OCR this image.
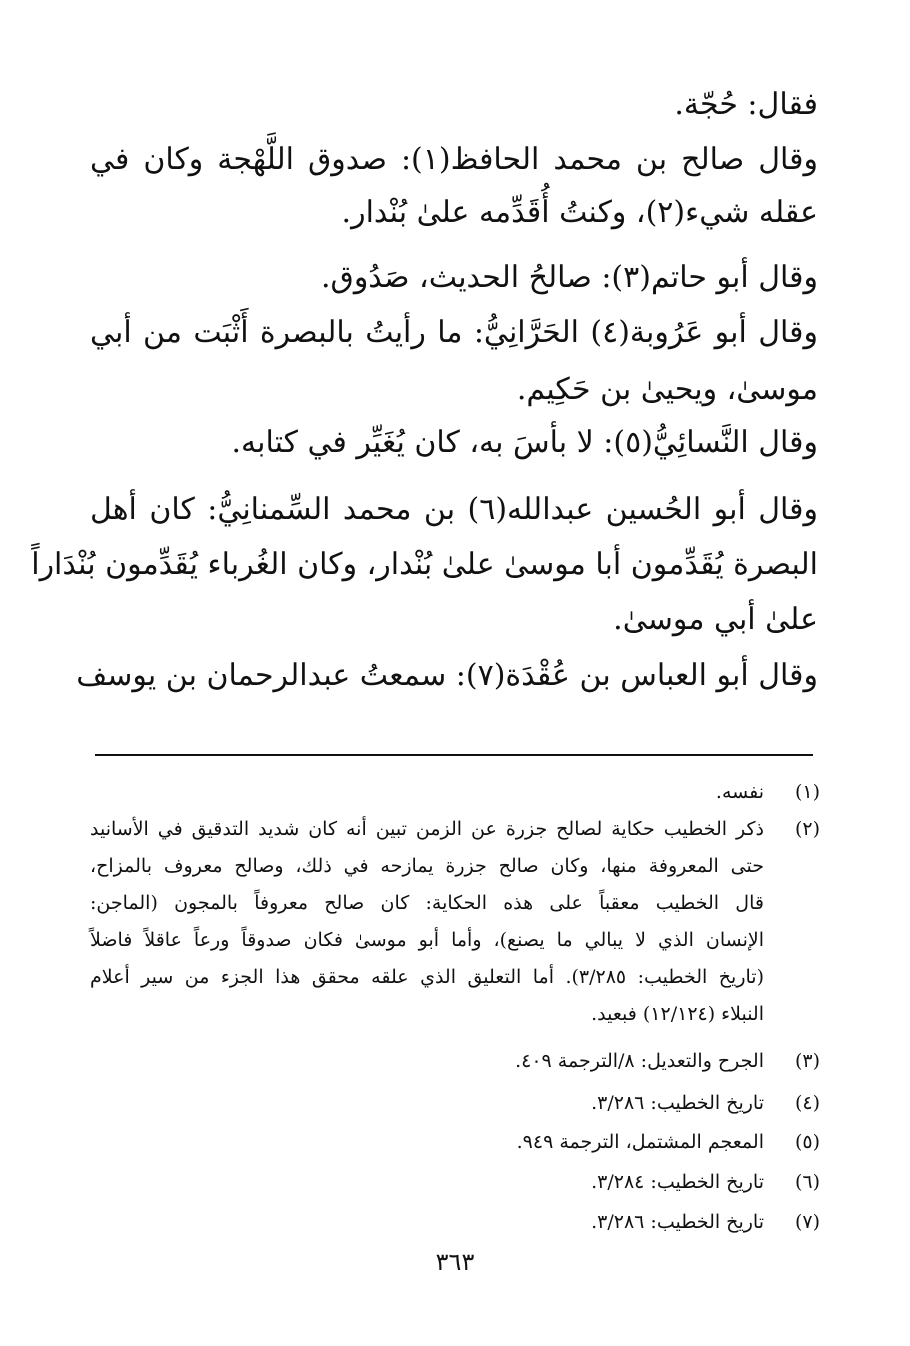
فقال: حُجّة.
وقال صالح بن محمد الحافظ(١): صدوق اللَّهْجة وكان في
عقله شيء(٢)، وكنتُ أُقَدِّمه علىٰ بُنْدار.
وقال أبو حاتم(٣): صالحُ الحديث، صَدُوق.
وقال أبو عَرُوبة(٤) الحَرَّانِيُّ: ما رأيتُ بالبصرة أَثْبَت من أبي
موسىٰ، ويحيىٰ بن حَكِيم.
وقال النَّسائِيُّ(٥): لا بأسَ به، كان يُغَيِّر في كتابه.
وقال أبو الحُسين عبدالله(٦) بن محمد السِّمنانِيُّ: كان أهل
البصرة يُقَدِّمون أبا موسىٰ علىٰ بُنْدار، وكان الغُرباء يُقَدِّمون بُنْدَاراً
علىٰ أبي موسىٰ.
وقال أبو العباس بن عُقْدَة(٧): سمعتُ عبدالرحمان بن يوسف
(١)
نفسه.
(٢)
ذكر الخطيب حكاية لصالح جزرة عن الزمن تبين أنه كان شديد التدقيق في الأسانيد
حتى المعروفة منها، وكان صالح جزرة يمازحه في ذلك، وصالح معروف بالمزاح،
قال الخطيب معقباً على هذه الحكاية: كان صالح معروفاً بالمجون (الماجن:
الإنسان الذي لا يبالي ما يصنع)، وأما أبو موسىٰ فكان صدوقاً ورعاً عاقلاً فاضلاً
(تاريخ الخطيب: ٣/٢٨٥). أما التعليق الذي علقه محقق هذا الجزء من سير أعلام
النبلاء (١٢/١٢٤) فبعيد.
(٣)
الجرح والتعديل: ٨/الترجمة ٤٠٩.
(٤)
تاريخ الخطيب: ٣/٢٨٦.
(٥)
المعجم المشتمل، الترجمة ٩٤٩.
(٦)
تاريخ الخطيب: ٣/٢٨٤.
(٧)
تاريخ الخطيب: ٣/٢٨٦.
٣٦٣
